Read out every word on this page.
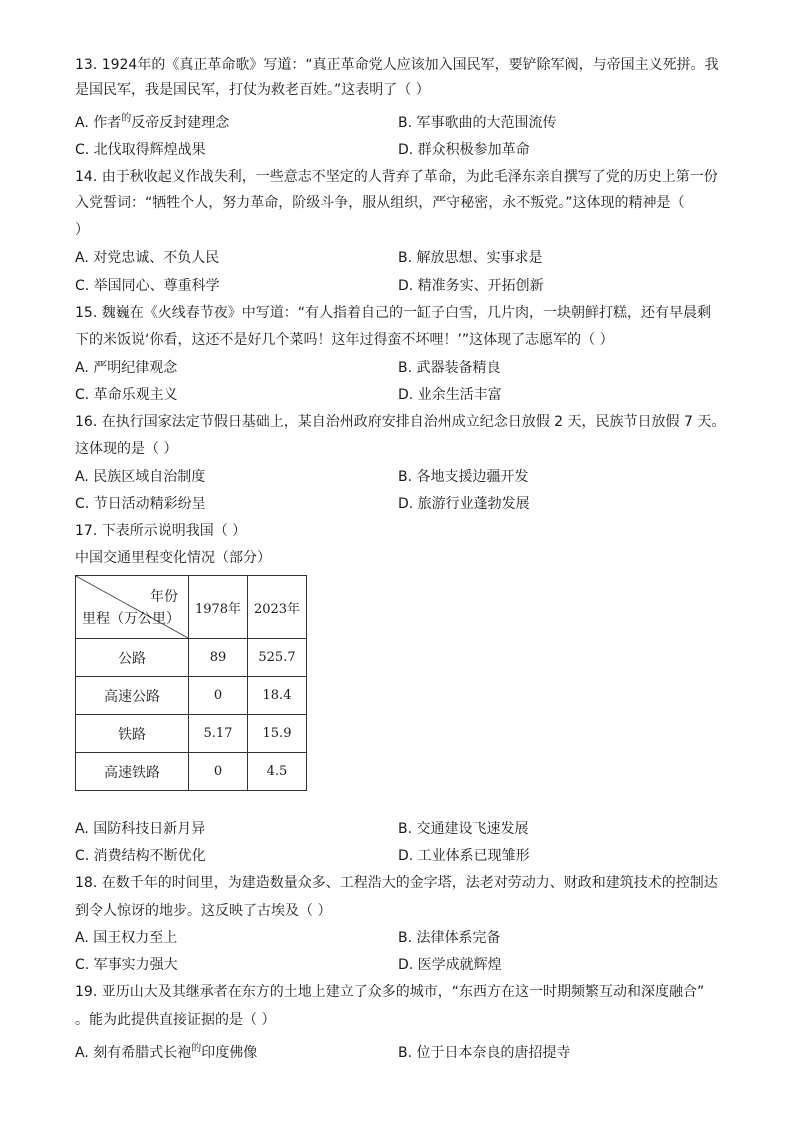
13. 1924年的《真正革命歌》写道：“真正革命党人应该加入国民军，要铲除军阀，与帝国主义死拼。我
是国民军，我是国民军，打仗为救老百姓。”这表明了（ ）
A. 作者$^的$反帝反封建理念	B. 军事歌曲的大范围流传
C. 北伐取得辉煌战果	D. 群众积极参加革命
14. 由于秋收起义作战失利，一些意志不坚定的人背弃了革命，为此毛泽东亲自撰写了党的历史上第一份
入党誓词：“牺牲个人，努力革命，阶级斗争，服从组织，严守秘密，永不叛党。”这体现的精神是（
）
A. 对党忠诚、不负人民	B. 解放思想、实事求是
C. 举国同心、尊重科学	D. 精准务实、开拓创新
15. 魏巍在《火线春节夜》中写道：“有人指着自己的一缸子白雪，几片肉，一块朝鲜打糕，还有早晨剩
下的米饭说‘你看，这还不是好几个菜吗！这年过得蛮不坏哩！’”这体现了志愿军的（ ）
A. 严明纪律观念	B. 武器装备精良
C. 革命乐观主义	D. 业余生活丰富
16. 在执行国家法定节假日基础上，某自治州政府安排自治州成立纪念日放假 2 天，民族节日放假 7 天。
这体现的是（ ）
A. 民族区域自治制度	B. 各地支援边疆开发
C. 节日活动精彩纷呈	D. 旅游行业蓬勃发展
17. 下表所示说明我国（ ）
中国交通里程变化情况（部分）
年份
里程（万公里）	1978年	2023年
公路	89	525.7
高速公路	0	18.4
铁路	5.17	15.9
高速铁路	0	4.5
A. 国防科技日新月异	B. 交通建设飞速发展
C. 消费结构不断优化	D. 工业体系已现雏形
18. 在数千年的时间里，为建造数量众多、工程浩大的金字塔，法老对劳动力、财政和建筑技术的控制达
到令人惊讶的地步。这反映了古埃及（ ）
A. 国王权力至上	B. 法律体系完备
C. 军事实力强大	D. 医学成就辉煌
19. 亚历山大及其继承者在东方的土地上建立了众多的城市，“东西方在这一时期频繁互动和深度融合”
。能为此提供直接证据的是（ ）
A. 刻有希腊式长袍$^的$印度佛像	B. 位于日本奈良的唐招提寺
